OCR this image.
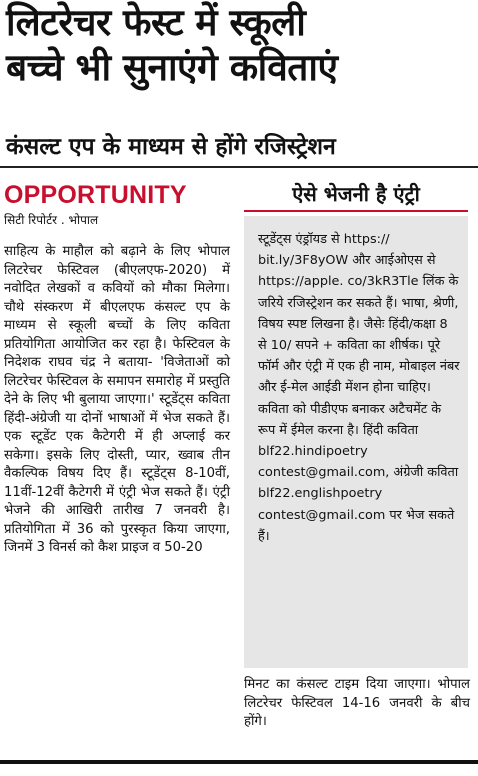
लिटरेचर फेस्ट में स्कूली
बच्चे भी सुनाएंगे कविताएं
कंसल्ट एप के माध्यम से होंगे रजिस्ट्रेशन
OPPORTUNITY
सिटी रिपोर्टर . भोपाल

साहित्य के माहौल को बढ़ाने के लिए भोपाल लिटरेचर फेस्टिवल (बीएलएफ-2020) में नवोदित लेखकों व कवियों को मौका मिलेगा। चौथे संस्करण में बीएलएफ कंसल्ट एप के माध्यम से स्कूली बच्चों के लिए कविता प्रतियोगिता आयोजित कर रहा है। फेस्टिवल के निदेशक राघव चंद्र ने बताया- 'विजेताओं को लिटरेचर फेस्टिवल के समापन समारोह में प्रस्तुति देने के लिए भी बुलाया जाएगा।' स्टूडेंट्स कविता हिंदी-अंग्रेजी या दोनों भाषाओं में भेज सकते हैं। एक स्टूडेंट एक कैटेगरी में ही अप्लाई कर सकेगा। इसके लिए दोस्ती, प्यार, ख्वाब तीन वैकल्पिक विषय दिए हैं। स्टूडेंट्स 8-10वीं, 11वीं-12वीं कैटेगरी में एंट्री भेज सकते हैं। एंट्री भेजने की आखिरी तारीख 7 जनवरी है। प्रतियोगिता में 36 को पुरस्कृत किया जाएगा, जिनमें 3 विनर्स को कैश प्राइज व 50-20

ऐसे भेजनी है एंट्री

स्टूडेंट्स एंड्रॉयड से https:// bit.ly/3F8yOW और आईओएस से https://apple. co/3kR3Tle लिंक के जरिये रजिस्ट्रेशन कर सकते हैं। भाषा, श्रेणी, विषय स्पष्ट लिखना है। जैसेः हिंदी/कक्षा 8 से 10/ सपने + कविता का शीर्षक। पूरे फॉर्म और एंट्री में एक ही नाम, मोबाइल नंबर और ई-मेल आईडी मेंशन होना चाहिए। कविता को पीडीएफ बनाकर अटैचमेंट के रूप में ईमेल करना है। हिंदी कविता blf22.hindipoetry contest@gmail.com, अंग्रेजी कविता blf22.englishpoetry contest@gmail.com पर भेज सकते हैं।

मिनट का कंसल्ट टाइम दिया जाएगा। भोपाल लिटरेचर फेस्टिवल 14-16 जनवरी के बीच होंगे।
